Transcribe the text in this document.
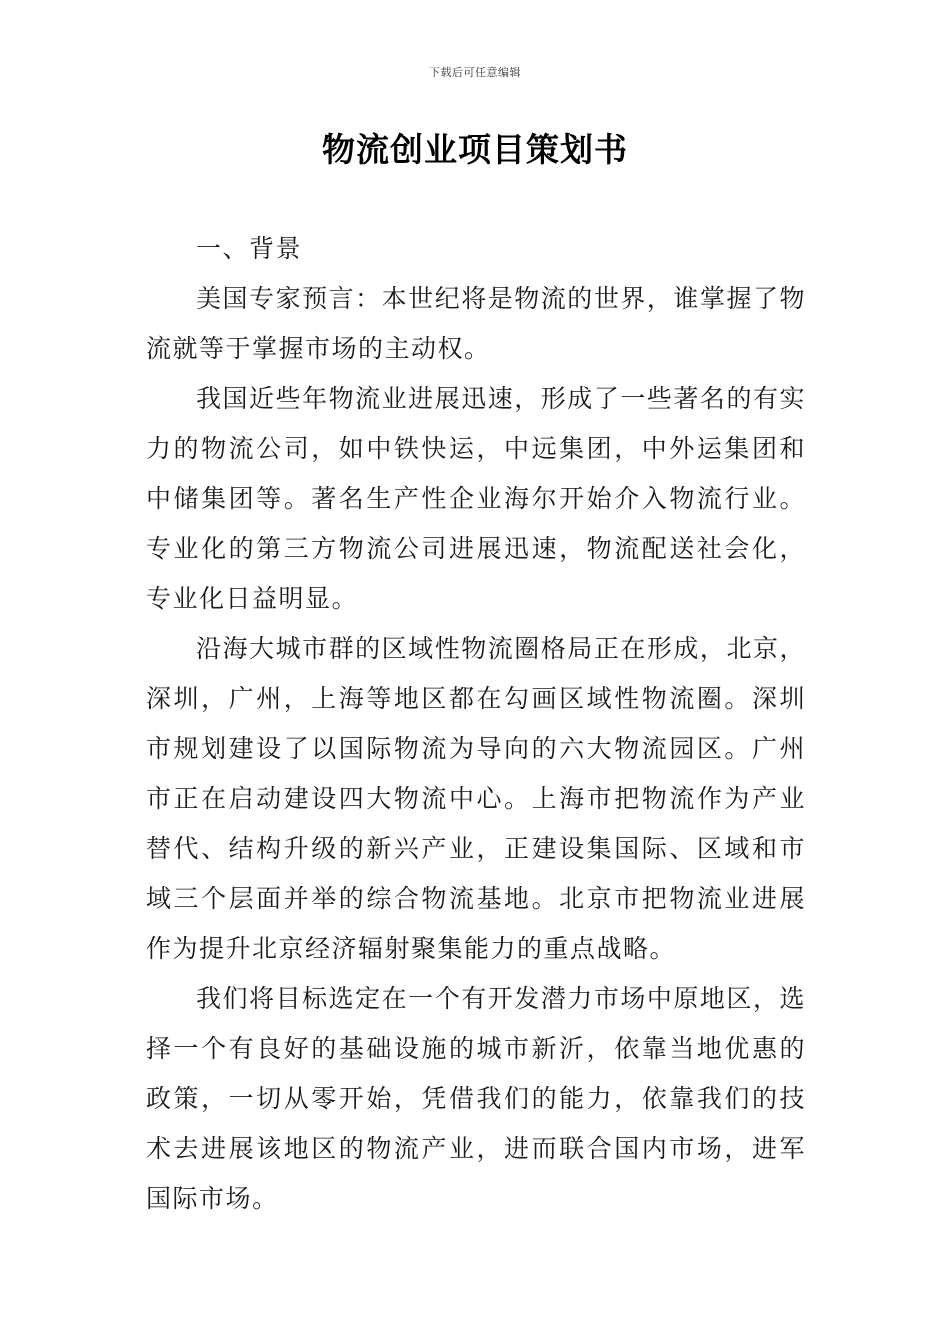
下载后可任意编辑
物流创业项目策划书

一、背景

美国专家预言：本世纪将是物流的世界，谁掌握了物流就等于掌握市场的主动权。

我国近些年物流业进展迅速，形成了一些著名的有实力的物流公司，如中铁快运，中远集团，中外运集团和中储集团等。著名生产性企业海尔开始介入物流行业。专业化的第三方物流公司进展迅速，物流配送社会化，专业化日益明显。

沿海大城市群的区域性物流圈格局正在形成，北京，深圳，广州，上海等地区都在勾画区域性物流圈。深圳市规划建设了以国际物流为导向的六大物流园区。广州市正在启动建设四大物流中心。上海市把物流作为产业替代、结构升级的新兴产业，正建设集国际、区域和市域三个层面并举的综合物流基地。北京市把物流业进展作为提升北京经济辐射聚集能力的重点战略。

我们将目标选定在一个有开发潜力市场中原地区，选择一个有良好的基础设施的城市新沂，依靠当地优惠的政策，一切从零开始，凭借我们的能力，依靠我们的技术去进展该地区的物流产业，进而联合国内市场，进军国际市场。
